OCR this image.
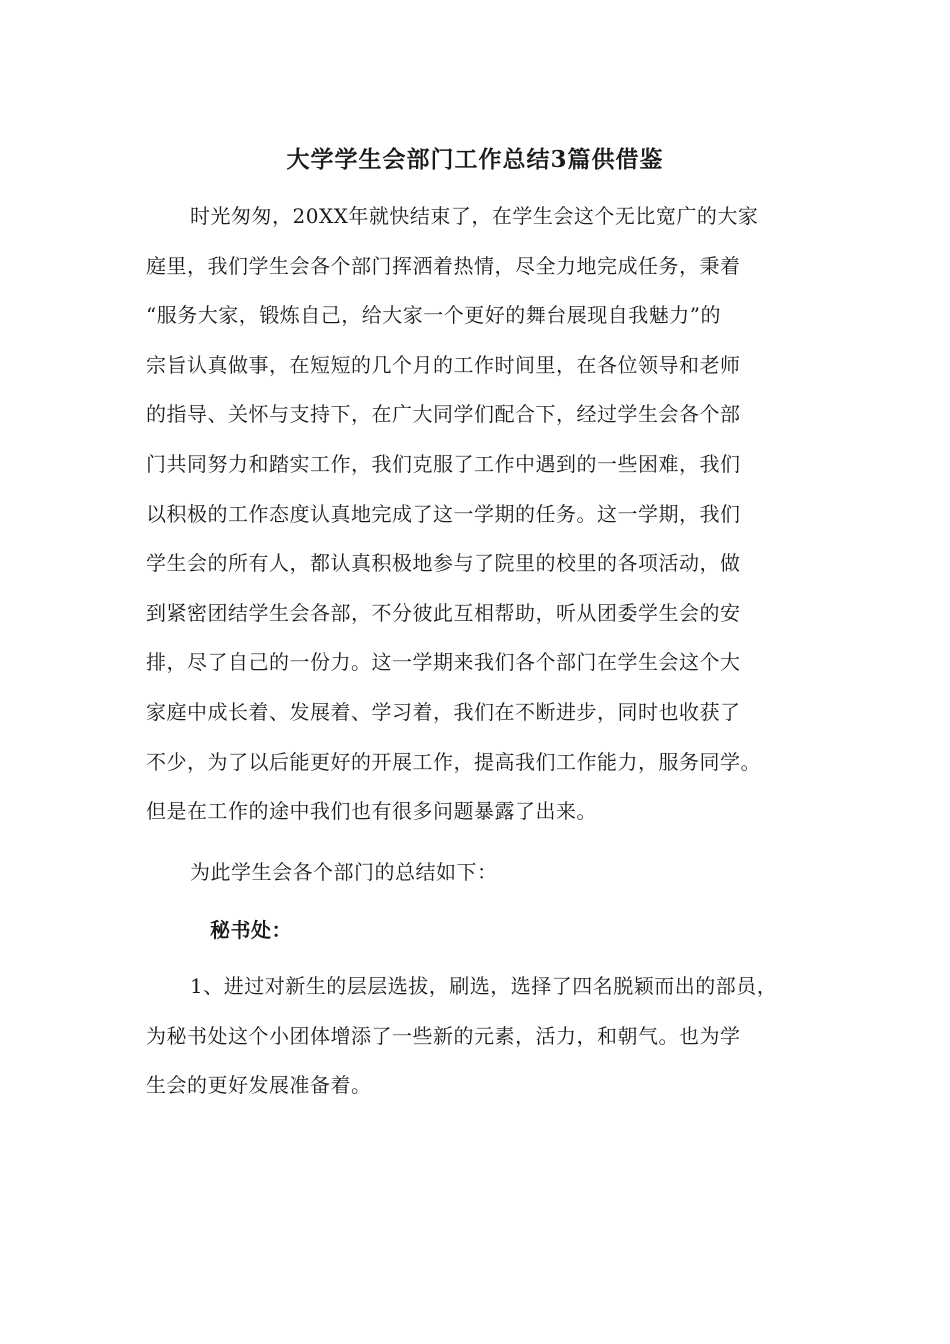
大学学生会部门工作总结3篇供借鉴
时光匆匆，20XX年就快结束了，在学生会这个无比宽广的大家
庭里，我们学生会各个部门挥洒着热情，尽全力地完成任务，秉着
“服务大家，锻炼自己，给大家一个更好的舞台展现自我魅力”的
宗旨认真做事，在短短的几个月的工作时间里，在各位领导和老师
的指导、关怀与支持下，在广大同学们配合下，经过学生会各个部
门共同努力和踏实工作，我们克服了工作中遇到的一些困难，我们
以积极的工作态度认真地完成了这一学期的任务。这一学期，我们
学生会的所有人，都认真积极地参与了院里的校里的各项活动，做
到紧密团结学生会各部，不分彼此互相帮助，听从团委学生会的安
排，尽了自己的一份力。这一学期来我们各个部门在学生会这个大
家庭中成长着、发展着、学习着，我们在不断进步，同时也收获了
不少，为了以后能更好的开展工作，提高我们工作能力，服务同学。
但是在工作的途中我们也有很多问题暴露了出来。
为此学生会各个部门的总结如下：
秘书处：
1、进过对新生的层层选拔，刷选，选择了四名脱颖而出的部员，
为秘书处这个小团体增添了一些新的元素，活力，和朝气。也为学
生会的更好发展准备着。
